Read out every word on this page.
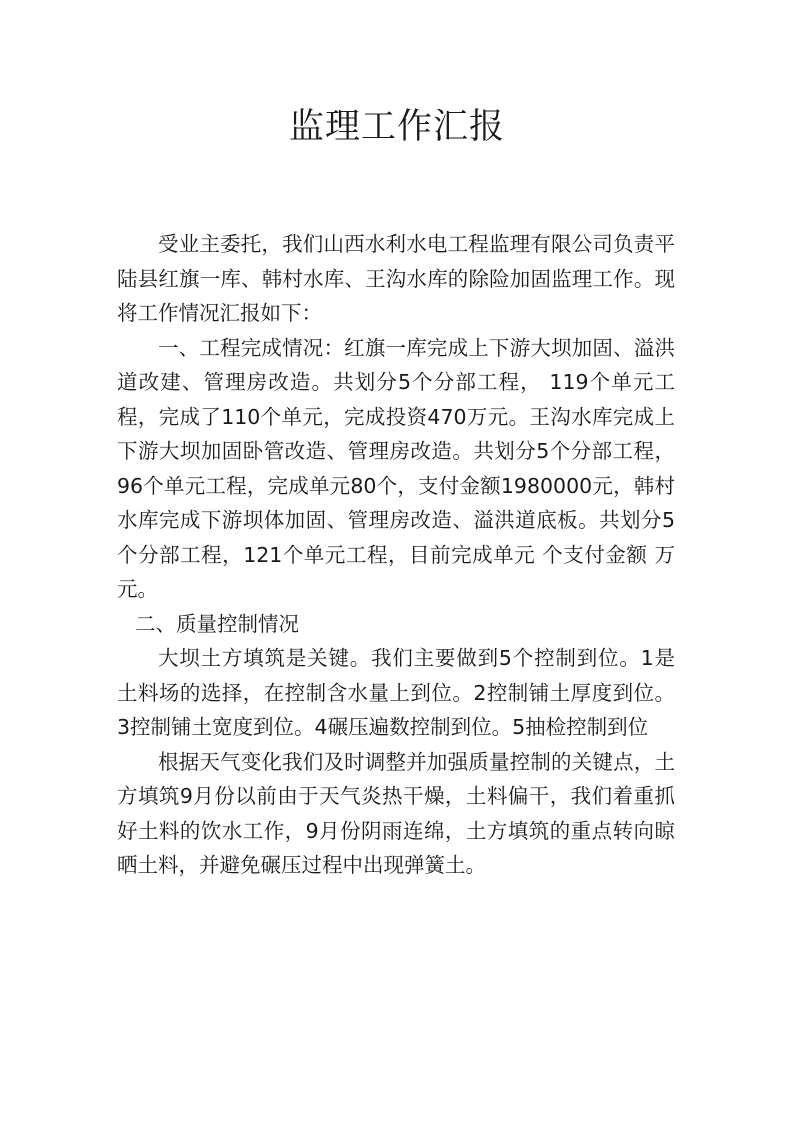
监理工作汇报

受业主委托，我们山西水利水电工程监理有限公司负责平陆县红旗一库、韩村水库、王沟水库的除险加固监理工作。现将工作情况汇报如下：

一、工程完成情况：红旗一库完成上下游大坝加固、溢洪道改建、管理房改造。共划分5个分部工程， 119个单元工程，完成了110个单元，完成投资470万元。王沟水库完成上下游大坝加固卧管改造、管理房改造。共划分5个分部工程，96个单元工程，完成单元80个，支付金额1980000元，韩村水库完成下游坝体加固、管理房改造、溢洪道底板。共划分5个分部工程，121个单元工程，目前完成单元 个支付金额 万元。

二、质量控制情况

大坝土方填筑是关键。我们主要做到5个控制到位。1是土料场的选择，在控制含水量上到位。2控制铺土厚度到位。3控制铺土宽度到位。4碾压遍数控制到位。5抽检控制到位

根据天气变化我们及时调整并加强质量控制的关键点，土方填筑9月份以前由于天气炎热干燥，土料偏干，我们着重抓好土料的饮水工作，9月份阴雨连绵，土方填筑的重点转向晾晒土料，并避免碾压过程中出现弹簧土。
